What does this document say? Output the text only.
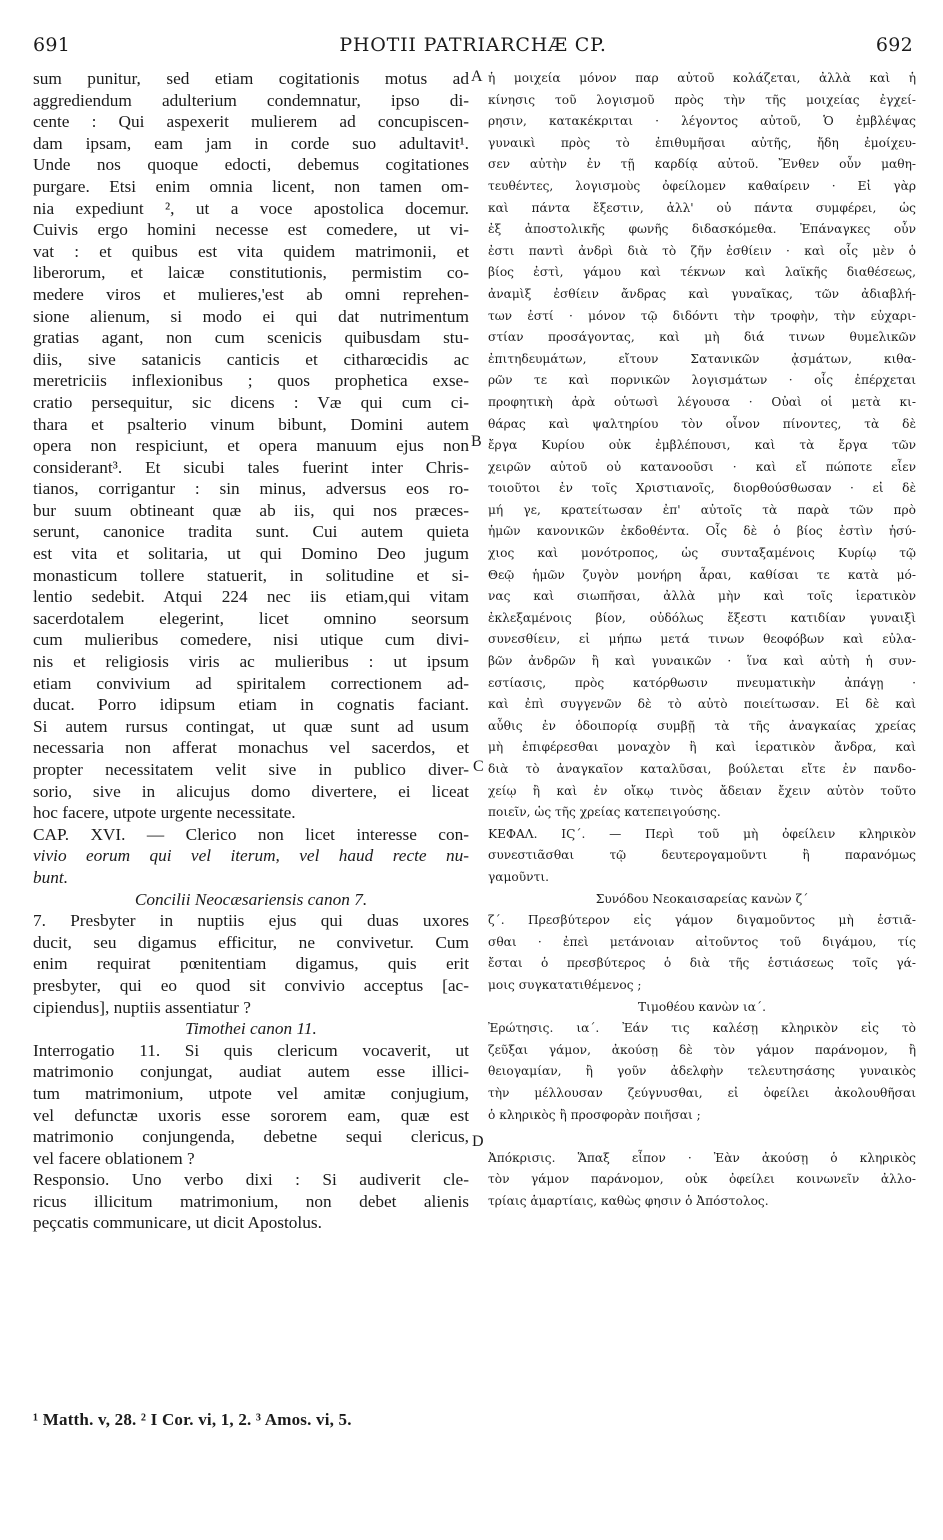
691	PHOTII PATRIARCHÆ CP.	692
sum punitur, sed etiam cogitationis motus ad
aggrediendum adulterium condemnatur, ipso di-
cente : Qui aspexerit mulierem ad concupiscen-
dam ipsam, eam jam in corde suo adultavit¹.
Unde nos quoque edocti, debemus cogitationes
purgare. Etsi enim omnia licent, non tamen om-
nia expediunt ², ut a voce apostolica docemur.
Cuivis ergo homini necesse est comedere, ut vi-
vat : et quibus est vita quidem matrimonii, et
liberorum, et laicæ constitutionis, permistim co-
medere viros et mulieres,'est ab omni reprehen-
sione alienum, si modo ei qui dat nutrimentum
gratias agant, non cum scenicis quibusdam stu-
diis, sive satanicis canticis et citharœcidis ac
meretriciis inflexionibus ; quos prophetica exse-
cratio persequitur, sic dicens : Væ qui cum ci-
thara et psalterio vinum bibunt, Domini autem
opera non respiciunt, et opera manuum ejus non
considerant³. Et sicubi tales fuerint inter Chris-
tianos, corrigantur : sin minus, adversus eos ro-
bur suum obtineant quæ ab iis, qui nos præces-
serunt, canonice tradita sunt. Cui autem quieta
est vita et solitaria, ut qui Domino Deo jugum
monasticum tollere statuerit, in solitudine et si-
lentio sedebit. Atqui 224 nec iis etiam,qui vitam
sacerdotalem elegerint, licet omnino seorsum
cum mulieribus comedere, nisi utique cum divi-
nis et religiosis viris ac mulieribus : ut ipsum
etiam convivium ad spiritalem correctionem ad-
ducat. Porro idipsum etiam in cognatis faciant.
Si autem rursus contingat, ut quæ sunt ad usum
necessaria non afferat monachus vel sacerdos, et
propter necessitatem velit sive in publico diver-
sorio, sive in alicujus domo divertere, ei liceat
hoc facere, utpote urgente necessitate.
CAP. XVI. — Clerico non licet interesse con-
vivio eorum qui vel iterum, vel haud recte nu-
bunt.
Concilii Neocæsariensis canon 7.
7. Presbyter in nuptiis ejus qui duas uxores
ducit, seu digamus efficitur, ne convivetur. Cum
enim requirat pœnitentiam digamus, quis erit
presbyter, qui eo quod sit convivio acceptus [ac-
cipiendus], nuptiis assentiatur ?
Timothei canon 11.
Interrogatio 11. Si quis clericum vocaverit, ut
matrimonio conjungat, audiat autem esse illici-
tum matrimonium, utpote vel amitæ conjugium,
vel defunctæ uxoris esse sororem eam, quæ est
matrimonio conjungenda, debetne sequi clericus,
vel facere oblationem ?
Responsio. Uno verbo dixi : Si audiverit cle-
ricus illicitum matrimonium, non debet alienis
peçcatis communicare, ut dicit Apostolus.
ἡ μοιχεία μόνον παρ αὐτοῦ κολάζεται, ἀλλὰ καὶ ἡ
κίνησις τοῦ λογισμοῦ πρὸς τὴν τῆς μοιχείας ἐγχεί-
ρησιν, κατακέκριται · λέγοντος αὐτοῦ, Ὁ ἐμβλέψας
γυναικὶ πρὸς τὸ ἐπιθυμῆσαι αὐτῆς, ἤδη ἐμοίχευ-
σεν αὐτὴν ἐν τῇ καρδίᾳ αὐτοῦ. Ἔνθεν οὖν μαθη-
τευθέντες, λογισμοὺς ὀφείλομεν καθαίρειν · Εἰ γὰρ
καὶ πάντα ἔξεστιν, ἀλλ' οὐ πάντα συμφέρει, ὡς
ἐξ ἀποστολικῆς φωνῆς διδασκόμεθα. Ἐπάναγκες οὖν
ἐστι παντὶ ἀνδρὶ διὰ τὸ ζῆν ἐσθίειν · καὶ οἷς μὲν ὁ
βίος ἐστὶ, γάμου καὶ τέκνων καὶ λαϊκῆς διαθέσεως,
ἀναμὶξ ἐσθίειν ἄνδρας καὶ γυναῖκας, τῶν ἀδιαβλή-
των ἐστί · μόνον τῷ διδόντι τὴν τροφὴν, τὴν εὐχαρι-
στίαν προσάγοντας, καὶ μὴ διά τινων θυμελικῶν
ἐπιτηδευμάτων, εἴτουν Σατανικῶν ᾀσμάτων, κιθα-
ρῶν τε καὶ πορνικῶν λογισμάτων · οἷς ἐπέρχεται
προφητικὴ ἀρὰ οὑτωσὶ λέγουσα · Οὐαὶ οἱ μετὰ κι-
θάρας καὶ ψαλτηρίου τὸν οἶνον πίνοντες, τὰ δὲ
ἔργα Κυρίου οὐκ ἐμβλέπουσι, καὶ τὰ ἔργα τῶν
χειρῶν αὐτοῦ οὐ κατανοοῦσι · καὶ εἴ πώποτε εἶεν
τοιοῦτοι ἐν τοῖς Χριστιανοῖς, διορθούσθωσαν · εἰ δὲ
μή γε, κρατείτωσαν ἐπ' αὐτοῖς τὰ παρὰ τῶν πρὸ
ἡμῶν κανονικῶν ἐκδοθέντα. Οἷς δὲ ὁ βίος ἐστὶν ἡσύ-
χιος καὶ μονότροπος, ὡς συνταξαμένοις Κυρίῳ τῷ
Θεῷ ἡμῶν ζυγὸν μονήρη ἆραι, καθίσαι τε κατὰ μό-
νας καὶ σιωπῆσαι, ἀλλὰ μὴν καὶ τοῖς ἱερατικὸν
ἐκλεξαμένοις βίον, οὐδόλως ἔξεστι κατιδίαν γυναιξὶ
συνεσθίειν, εἰ μήπω μετά τινων θεοφόβων καὶ εὐλα-
βῶν ἀνδρῶν ἢ καὶ γυναικῶν · ἵνα καὶ αὐτὴ ἡ συν-
εστίασις, πρὸς κατόρθωσιν πνευματικὴν ἀπάγῃ ·
καὶ ἐπὶ συγγενῶν δὲ τὸ αὐτὸ ποιείτωσαν. Εἰ δὲ καὶ
αὖθις ἐν ὁδοιπορίᾳ συμβῇ τὰ τῆς ἀναγκαίας χρείας
μὴ ἐπιφέρεσθαι μοναχὸν ἢ καὶ ἱερατικὸν ἄνδρα, καὶ
διὰ τὸ ἀναγκαῖον καταλῦσαι, βούλεται εἴτε ἐν πανδο-
χείῳ ἢ καὶ ἐν οἴκῳ τινὸς ἄδειαν ἔχειν αὐτὸν τοῦτο
ποιεῖν, ὡς τῆς χρείας κατεπειγούσης.
ΚΕΦΑΛ. ΙϚ΄. — Περὶ τοῦ μὴ ὀφείλειν κληρικὸν
συνεστιᾶσθαι τῷ δευτερογαμοῦντι ἢ παρανόμως
γαμοῦντι.
Συνόδου Νεοκαισαρείας κανὼν ζ΄
ζ΄. Πρεσβύτερον εἰς γάμον διγαμοῦντος μὴ ἑστιᾶ-
σθαι · ἐπεὶ μετάνοιαν αἰτοῦντος τοῦ διγάμου, τίς
ἔσται ὁ πρεσβύτερος ὁ διὰ τῆς ἑστιάσεως τοῖς γά-
μοις συγκατατιθέμενος ;
Τιμοθέου κανὼν ια΄.
Ἐρώτησις. ια΄. Ἐάν τις καλέσῃ κληρικὸν εἰς τὸ
ζεῦξαι γάμον, ἀκούσῃ δὲ τὸν γάμον παράνομον, ἢ
θειογαμίαν, ἢ γοῦν ἀδελφὴν τελευτησάσης γυναικὸς
τὴν μέλλουσαν ζεύγνυσθαι, εἰ ὀφείλει ἀκολουθῆσαι
ὁ κληρικὸς ἢ προσφορὰν ποιῆσαι ;
Ἀπόκρισις. Ἅπαξ εἶπον · Ἐὰν ἀκούσῃ ὁ κληρικὸς
τὸν γάμον παράνομον, οὐκ ὀφείλει κοινωνεῖν ἀλλο-
τρίαις ἁμαρτίαις, καθὼς φησιν ὁ Ἀπόστολος.
A
B
C
D
¹ Matth. v, 28. ² I Cor. vi, 1, 2. ³ Amos. vi, 5.
